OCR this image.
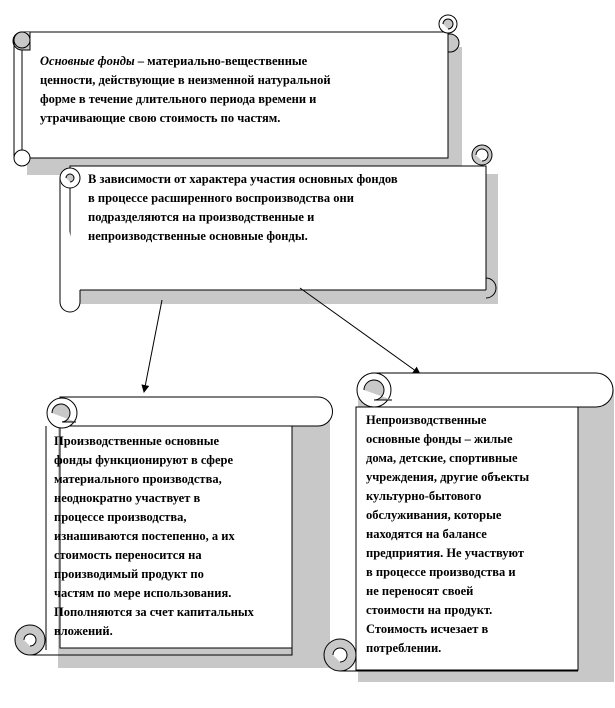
Основные фонды – материально-вещественные
ценности, действующие в неизменной натуральной
форме в течение длительного периода времени и
утрачивающие свою стоимость по частям.
В зависимости от характера участия основных фондов
в процессе расширенного воспроизводства они
подразделяются на производственные и
непроизводственные основные фонды.
Производственные основные
фонды функционируют в сфере
материального производства,
неоднократно участвует в
процессе производства,
изнашиваются постепенно, а их
стоимость переносится на
производимый продукт по
частям по мере использования.
Пополняются за счет капитальных
вложений.
Непроизводственные
основные фонды – жилые
дома, детские, спортивные
учреждения, другие объекты
культурно-бытового
обслуживания, которые
находятся на балансе
предприятия. Не участвуют
в процессе производства и
не переносят своей
стоимости на продукт.
Стоимость исчезает в
потреблении.
